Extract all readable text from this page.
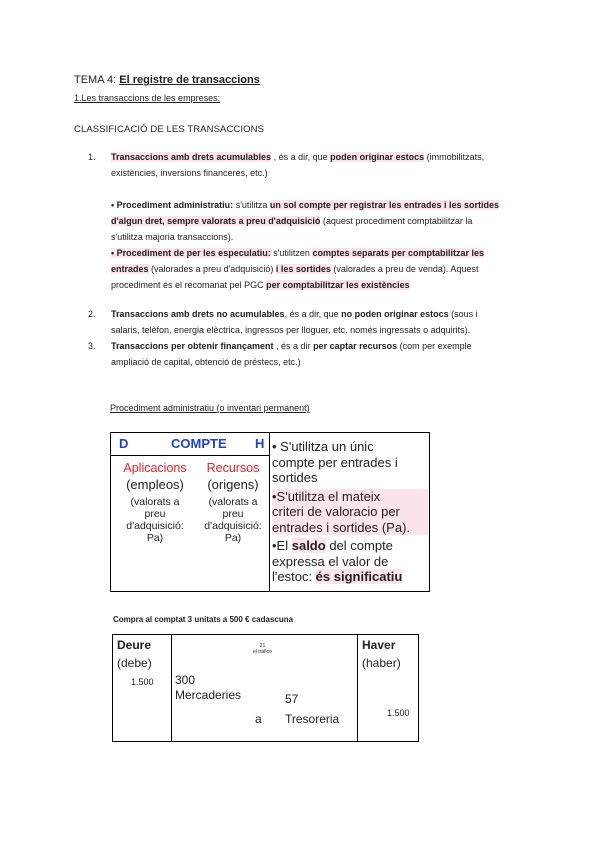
TEMA 4: El registre de transaccions
1.Les transaccions de les empreses:
CLASSIFICACIÓ DE LES TRANSACCIONS
1. Transaccions amb drets acumulables , és a dir, que poden originar estocs (immobilitzats,
existències, inversions financeres, etc.)
• Procediment administratiu: s'utilitza un sol compte per registrar les entrades i les sortides
d'algun dret, sempre valorats a preu d'adquisició (aquest procediment comptabilitzar la
s'utilitza majoria transaccions).
• Procediment de per les especulatiu: s'utilitzen comptes separats per comptabilitzar les
entrades (valorades a preu d'adquisició) i les sortides (valorades a preu de venda). Aquest
procediment és el recomanat pel PGC per comptabilitzar les existències
2. Transaccions amb drets no acumulables, és a dir, que no poden originar estocs (sous i
salaris, telèfon, energia elèctrica, ingressos per lloguer, etc. només ingressats o adquirits).
3. Transaccions per obtenir finançament , és a dir per captar recursos (com per exemple
ampliació de capital, obtenció de préstecs, etc.)
Procediment administratiu (o inventari permanent)
D	COMPTE H
Aplicacions
(empleos)
(valorats a
preu
d'adquisició:
Pa)
Recursos
(origens)
(valorats a
preu
d'adquisició:
Pa)
• S'utilitza un únic
compte per entrades i
sortides
•S'utilitza el mateix
criteri de valoracio per
entrades i sortides (Pa).
•El saldo del compte
expressa el valor de
l'estoc: és significatiu
Compra al comptat 3 unitats a 500 € cadascuna
Deure
(debe)
1.500
21
el trafico
300
Mercaderies	57
a Tresoreria
Haver
(haber)
1.500
